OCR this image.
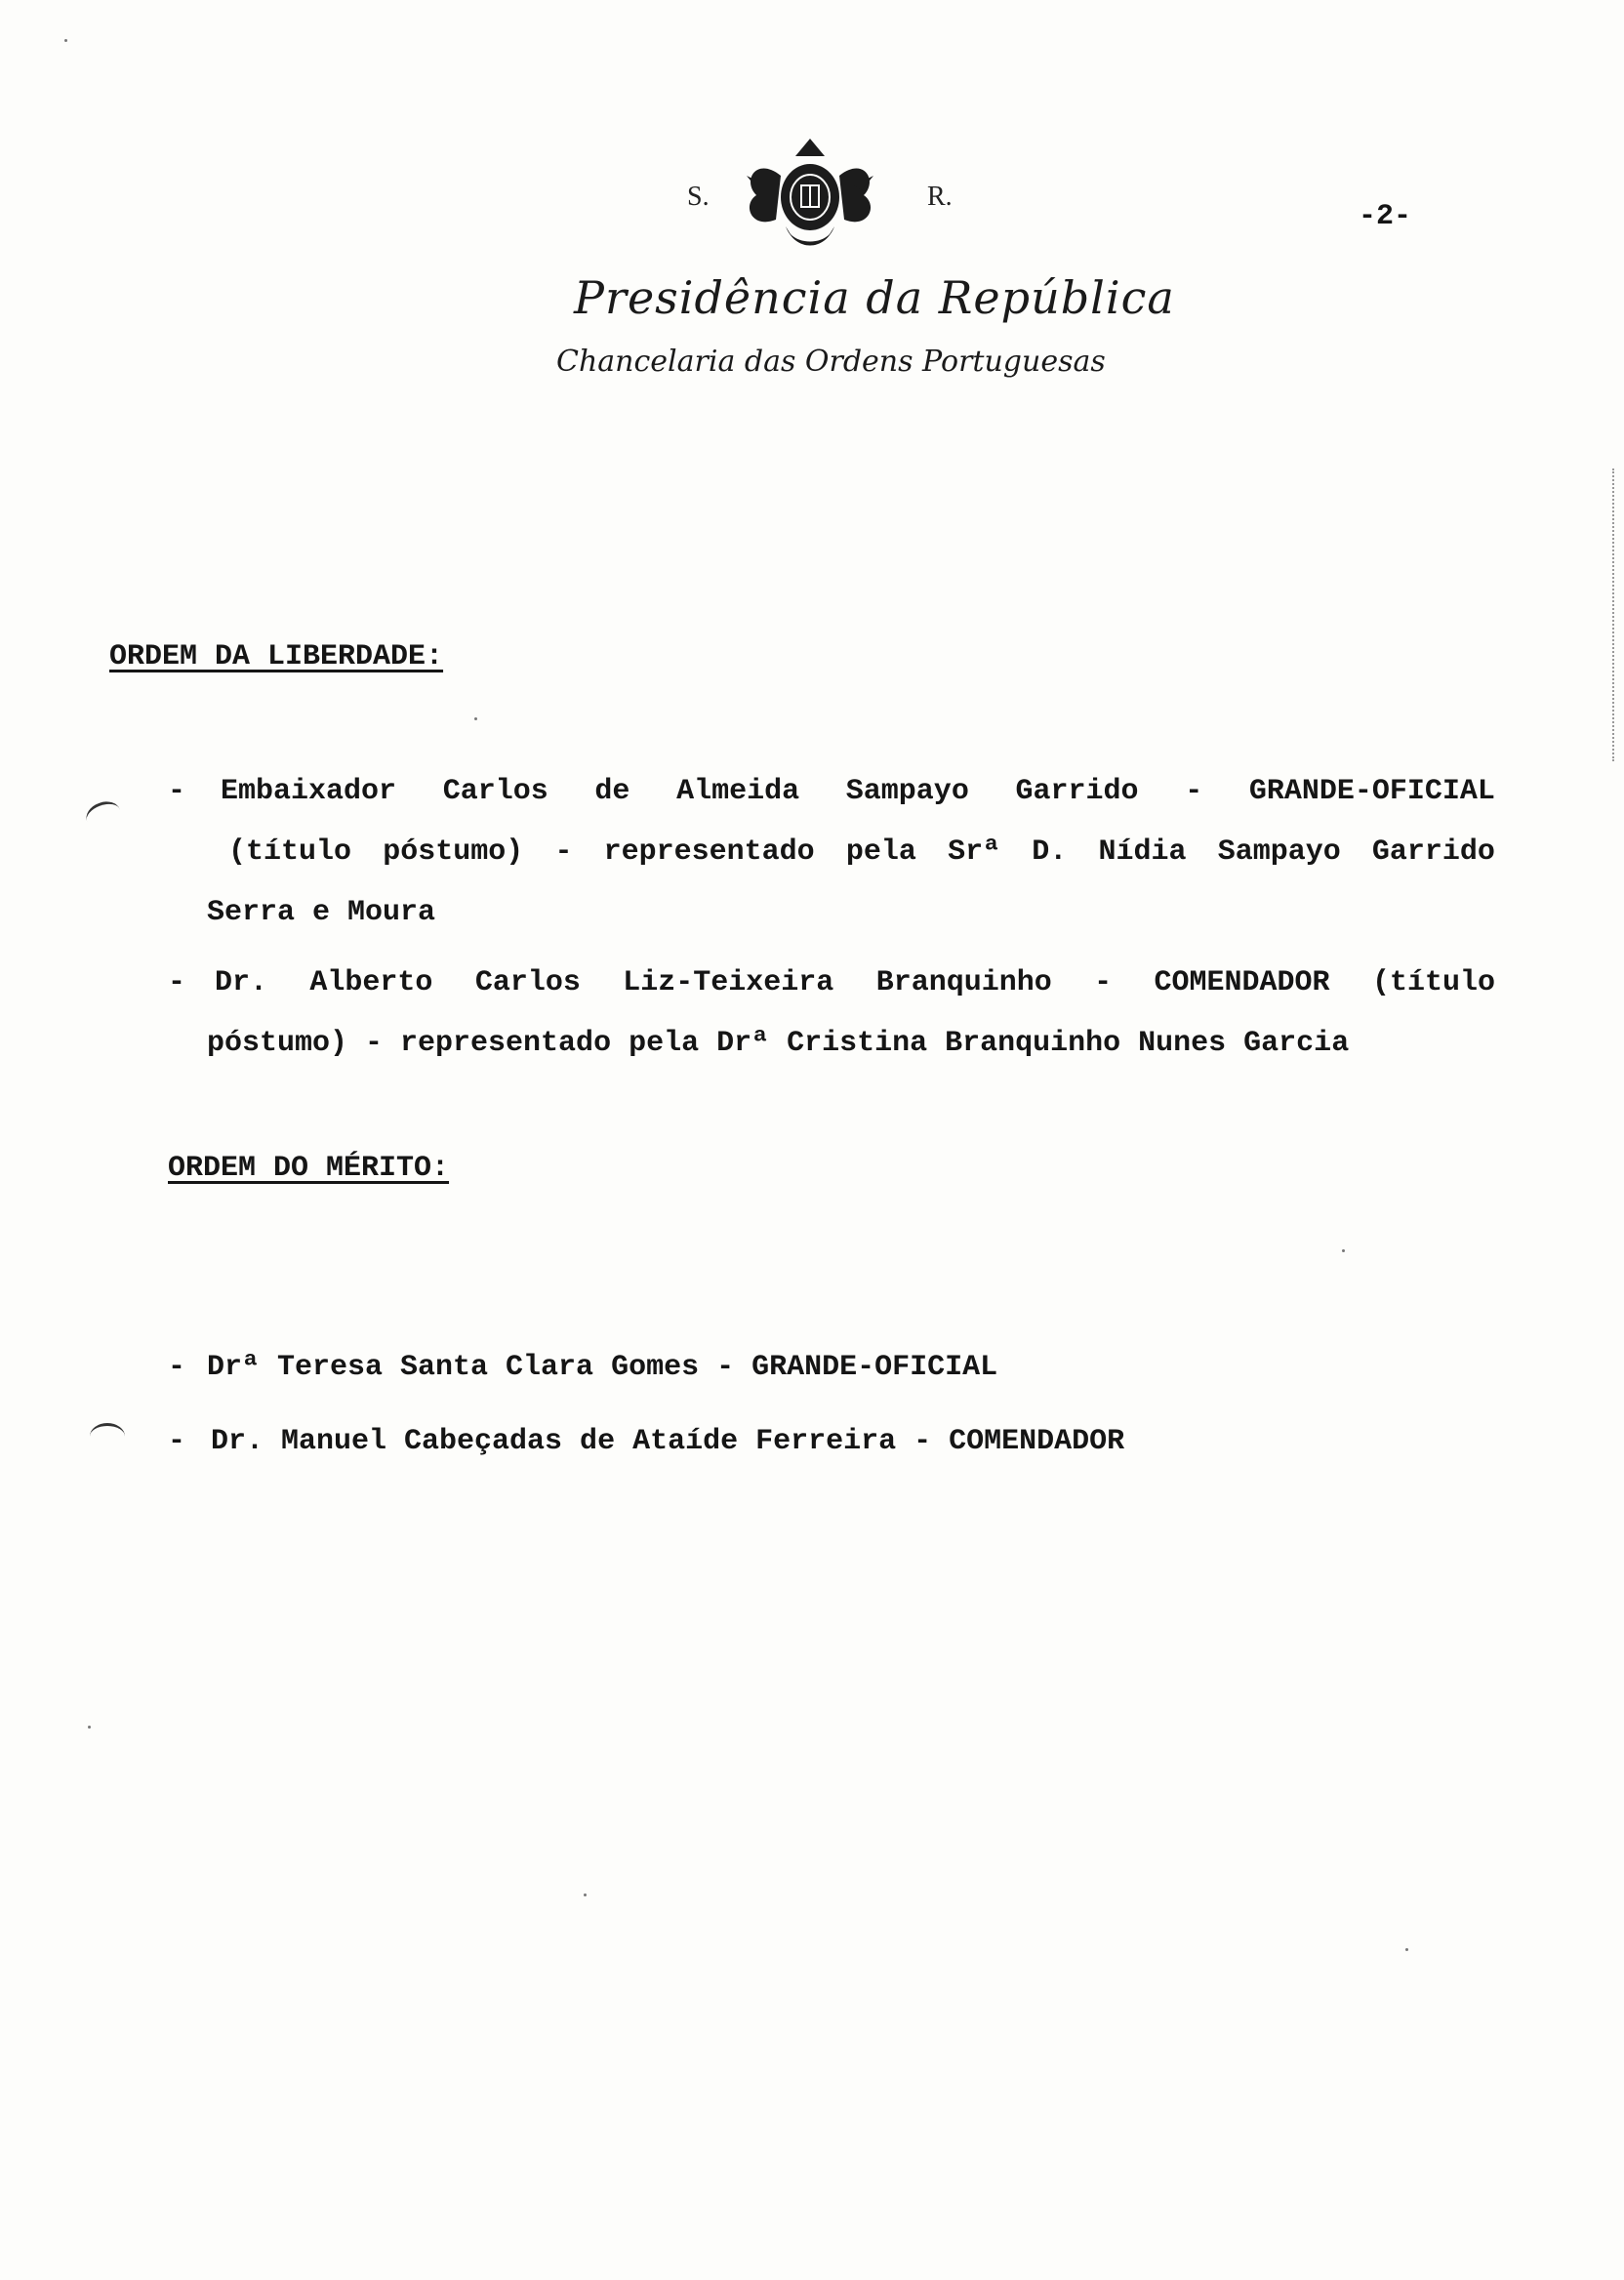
S.	R.
-2-
Presidência da República
Chancelaria das Ordens Portuguesas
ORDEM DA LIBERDADE:
- Embaixador Carlos de Almeida Sampayo Garrido - GRANDE-OFICIAL
(título póstumo) - representado pela Srª D. Nídia Sampayo Garrido
Serra e Moura
- Dr. Alberto Carlos Liz-Teixeira Branquinho - COMENDADOR (título
póstumo) - representado pela Drª Cristina Branquinho Nunes Garcia
ORDEM DO MÉRITO:
- Drª Teresa Santa Clara Gomes - GRANDE-OFICIAL
- Dr. Manuel Cabeçadas de Ataíde Ferreira - COMENDADOR
